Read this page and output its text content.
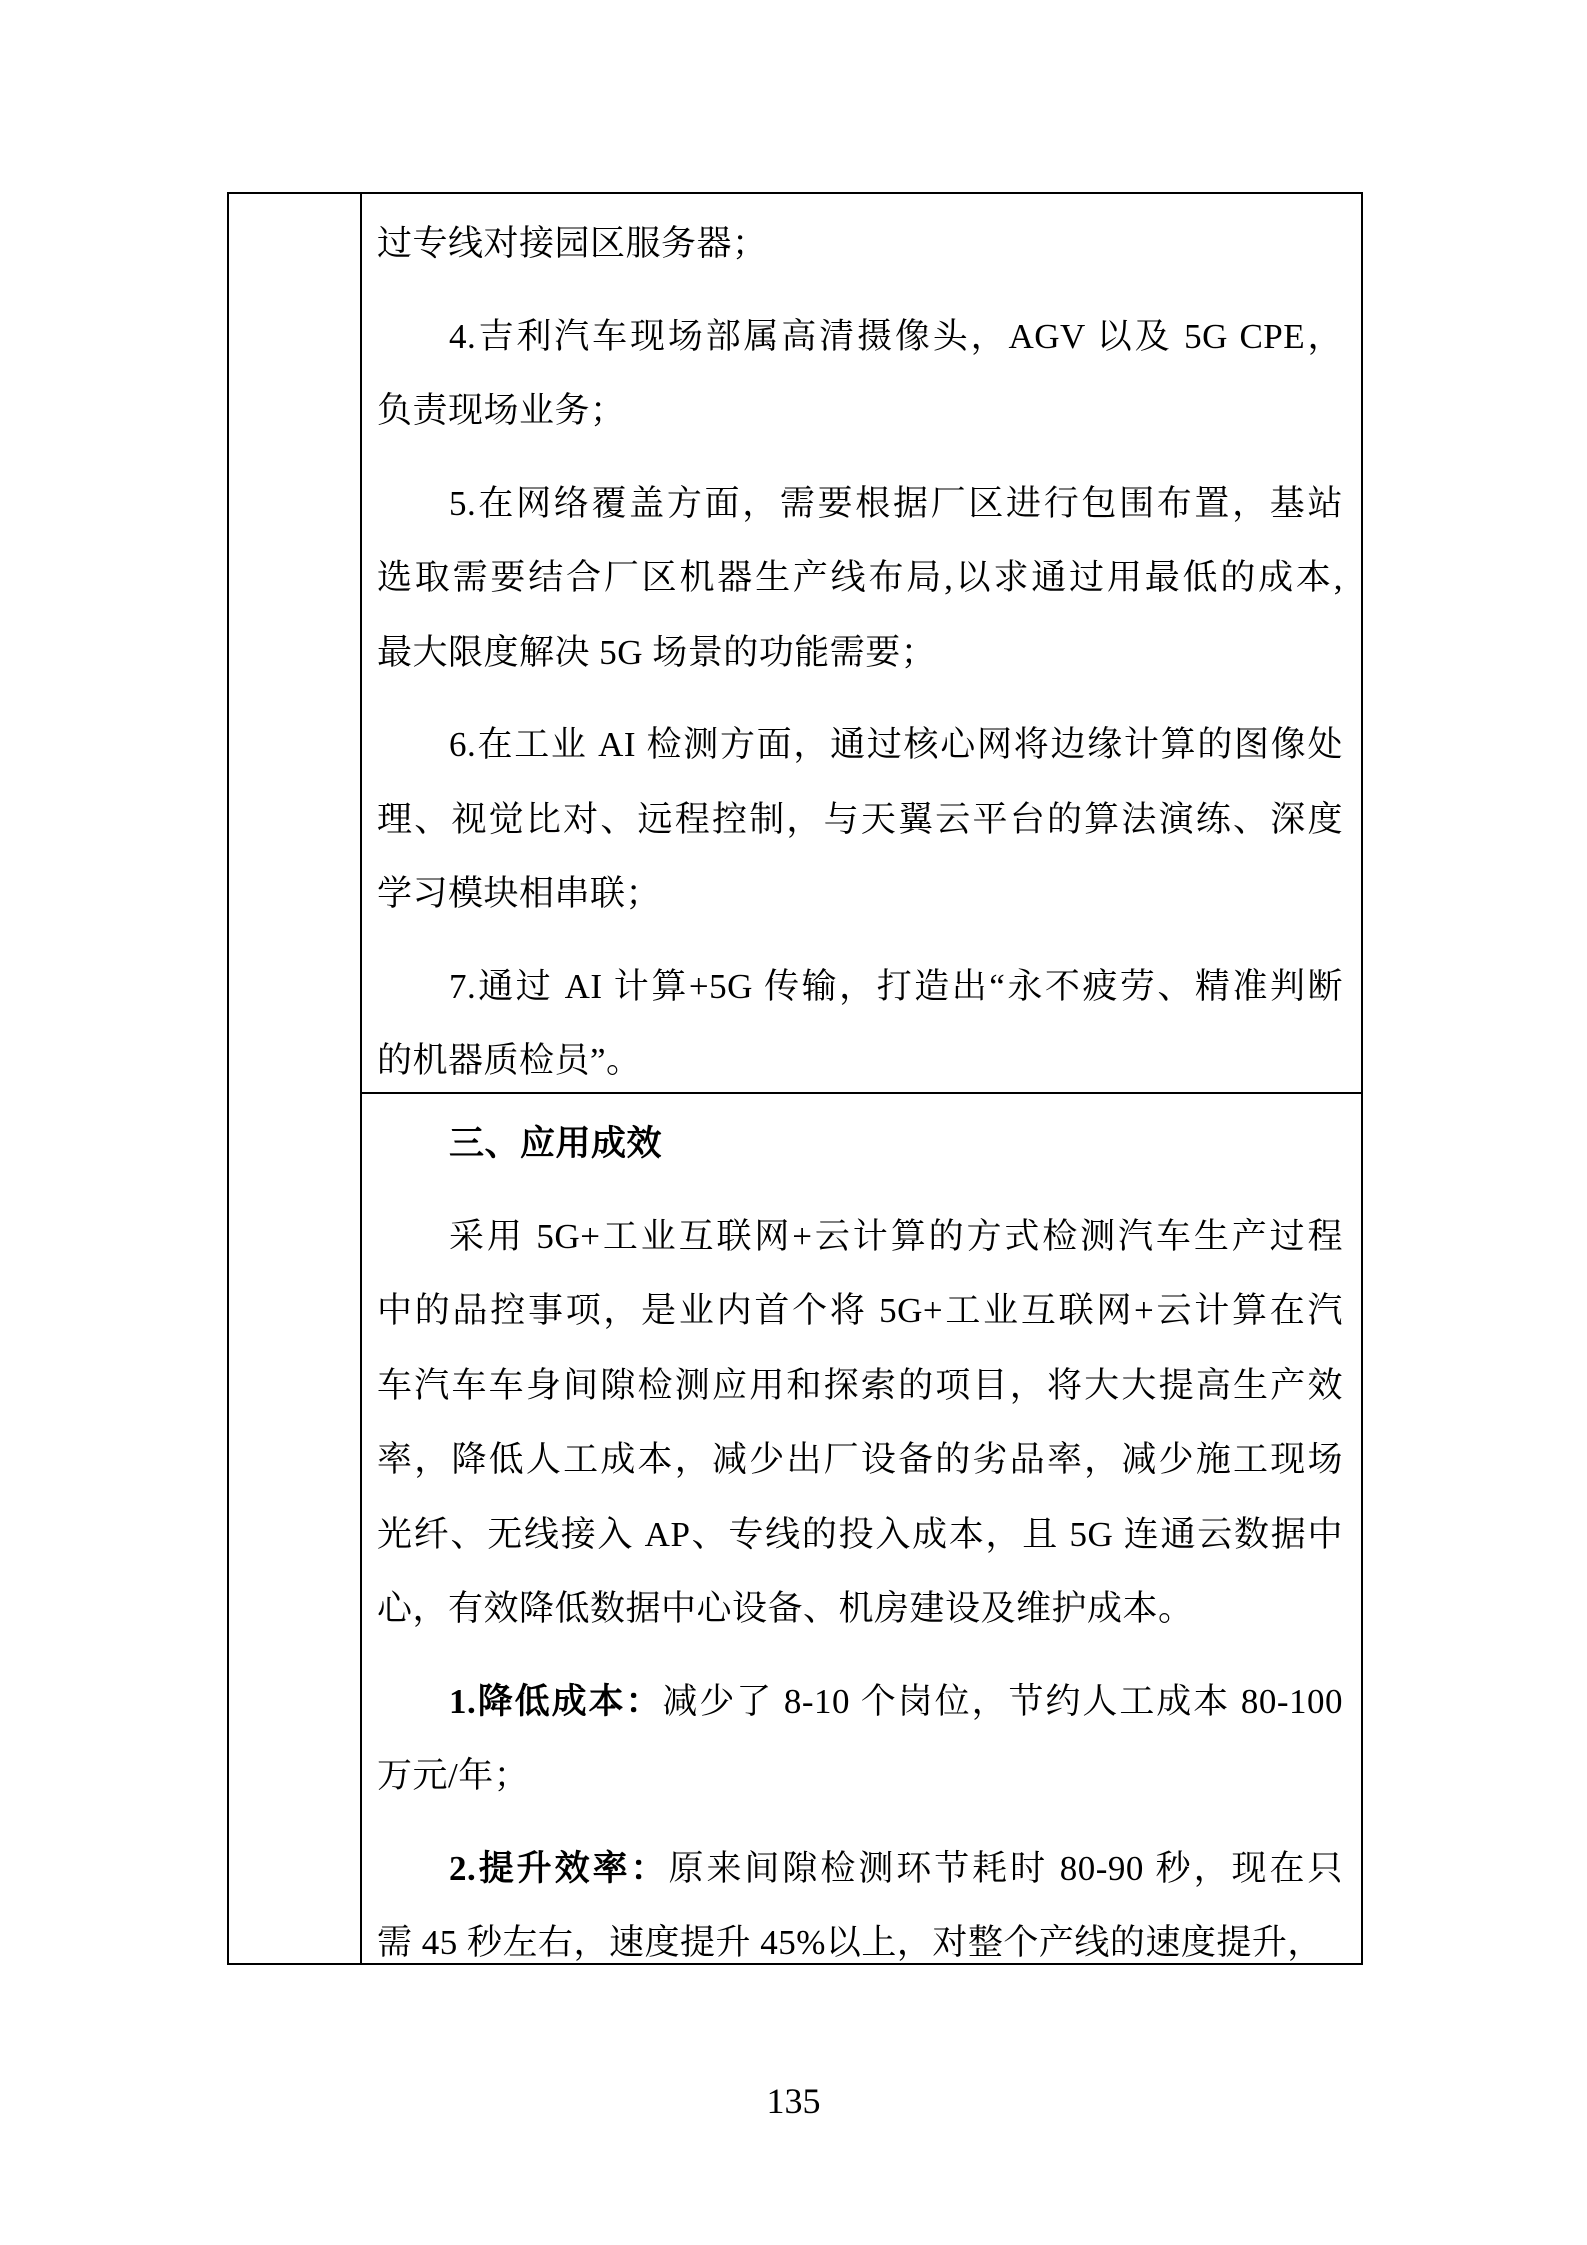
过专线对接园区服务器；
4.吉利汽车现场部属高清摄像头，AGV 以及 5G CPE，
负责现场业务；
5.在网络覆盖方面，需要根据厂区进行包围布置，基站
选取需要结合厂区机器生产线布局,以求通过用最低的成本,
最大限度解决 5G 场景的功能需要；
6.在工业 AI 检测方面，通过核心网将边缘计算的图像处
理、视觉比对、远程控制，与天翼云平台的算法演练、深度
学习模块相串联；
7.通过 AI 计算+5G 传输，打造出“永不疲劳、精准判断
的机器质检员”。
三、应用成效
采用 5G+工业互联网+云计算的方式检测汽车生产过程
中的品控事项，是业内首个将 5G+工业互联网+云计算在汽
车汽车车身间隙检测应用和探索的项目，将大大提高生产效
率，降低人工成本，减少出厂设备的劣品率，减少施工现场
光纤、无线接入 AP、专线的投入成本，且 5G 连通云数据中
心，有效降低数据中心设备、机房建设及维护成本。
1.降低成本：减少了 8-10 个岗位，节约人工成本 80-100
万元/年；
2.提升效率：原来间隙检测环节耗时 80-90 秒，现在只
需 45 秒左右，速度提升 45%以上，对整个产线的速度提升，
135
